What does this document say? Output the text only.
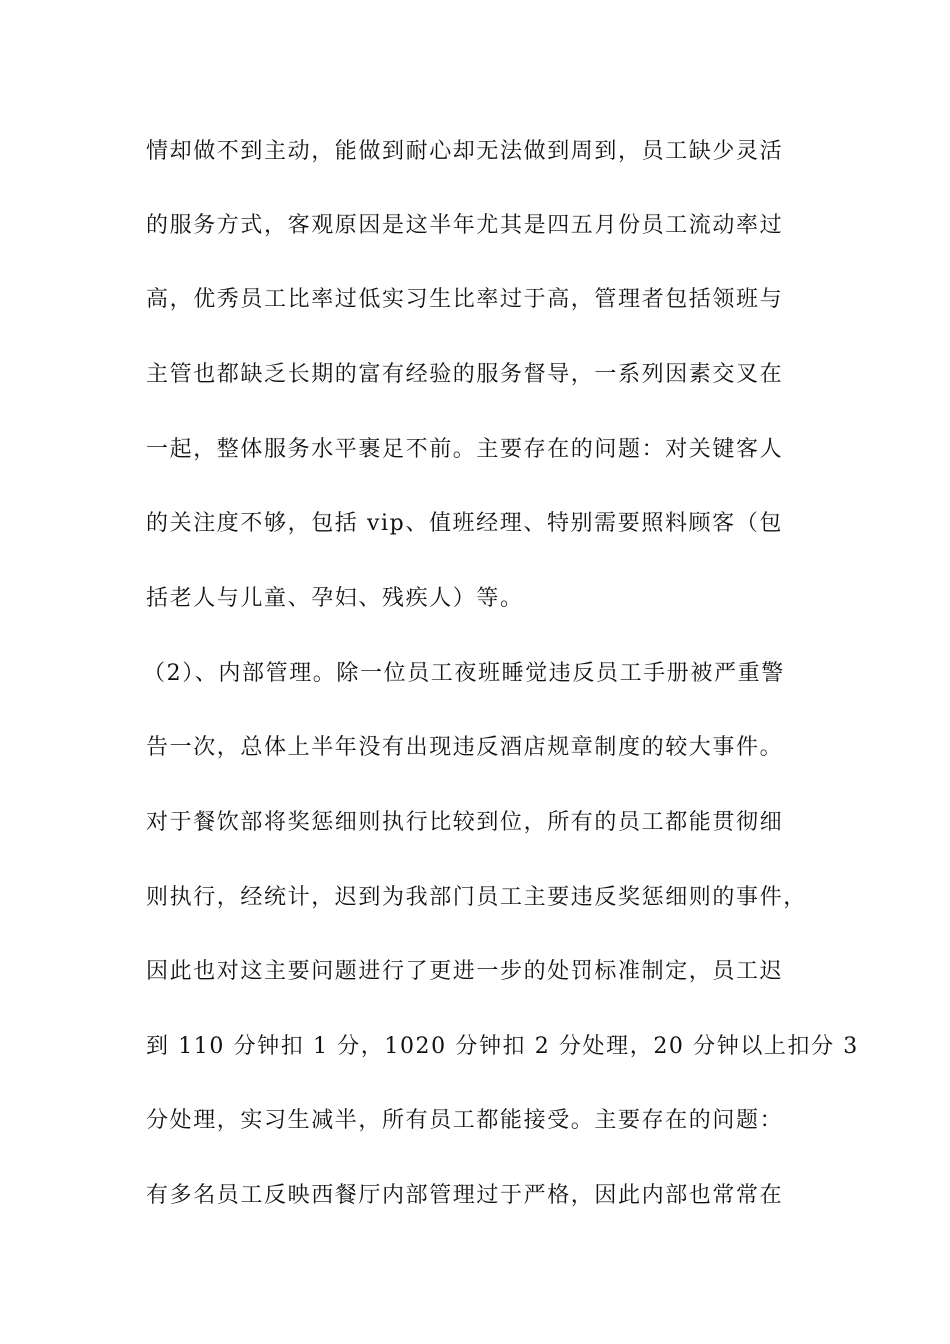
情却做不到主动，能做到耐心却无法做到周到，员工缺少灵活
的服务方式，客观原因是这半年尤其是四五月份员工流动率过
高，优秀员工比率过低实习生比率过于高，管理者包括领班与
主管也都缺乏长期的富有经验的服务督导，一系列因素交叉在
一起，整体服务水平裹足不前。主要存在的问题：对关键客人
的关注度不够，包括 vip、值班经理、特别需要照料顾客（包
括老人与儿童、孕妇、残疾人）等。
（2）、内部管理。除一位员工夜班睡觉违反员工手册被严重警
告一次，总体上半年没有出现违反酒店规章制度的较大事件。
对于餐饮部将奖惩细则执行比较到位，所有的员工都能贯彻细
则执行，经统计，迟到为我部门员工主要违反奖惩细则的事件，
因此也对这主要问题进行了更进一步的处罚标准制定，员工迟
到 110 分钟扣 1 分，1020 分钟扣 2 分处理，20 分钟以上扣分 3
分处理，实习生减半，所有员工都能接受。主要存在的问题：
有多名员工反映西餐厅内部管理过于严格，因此内部也常常在
